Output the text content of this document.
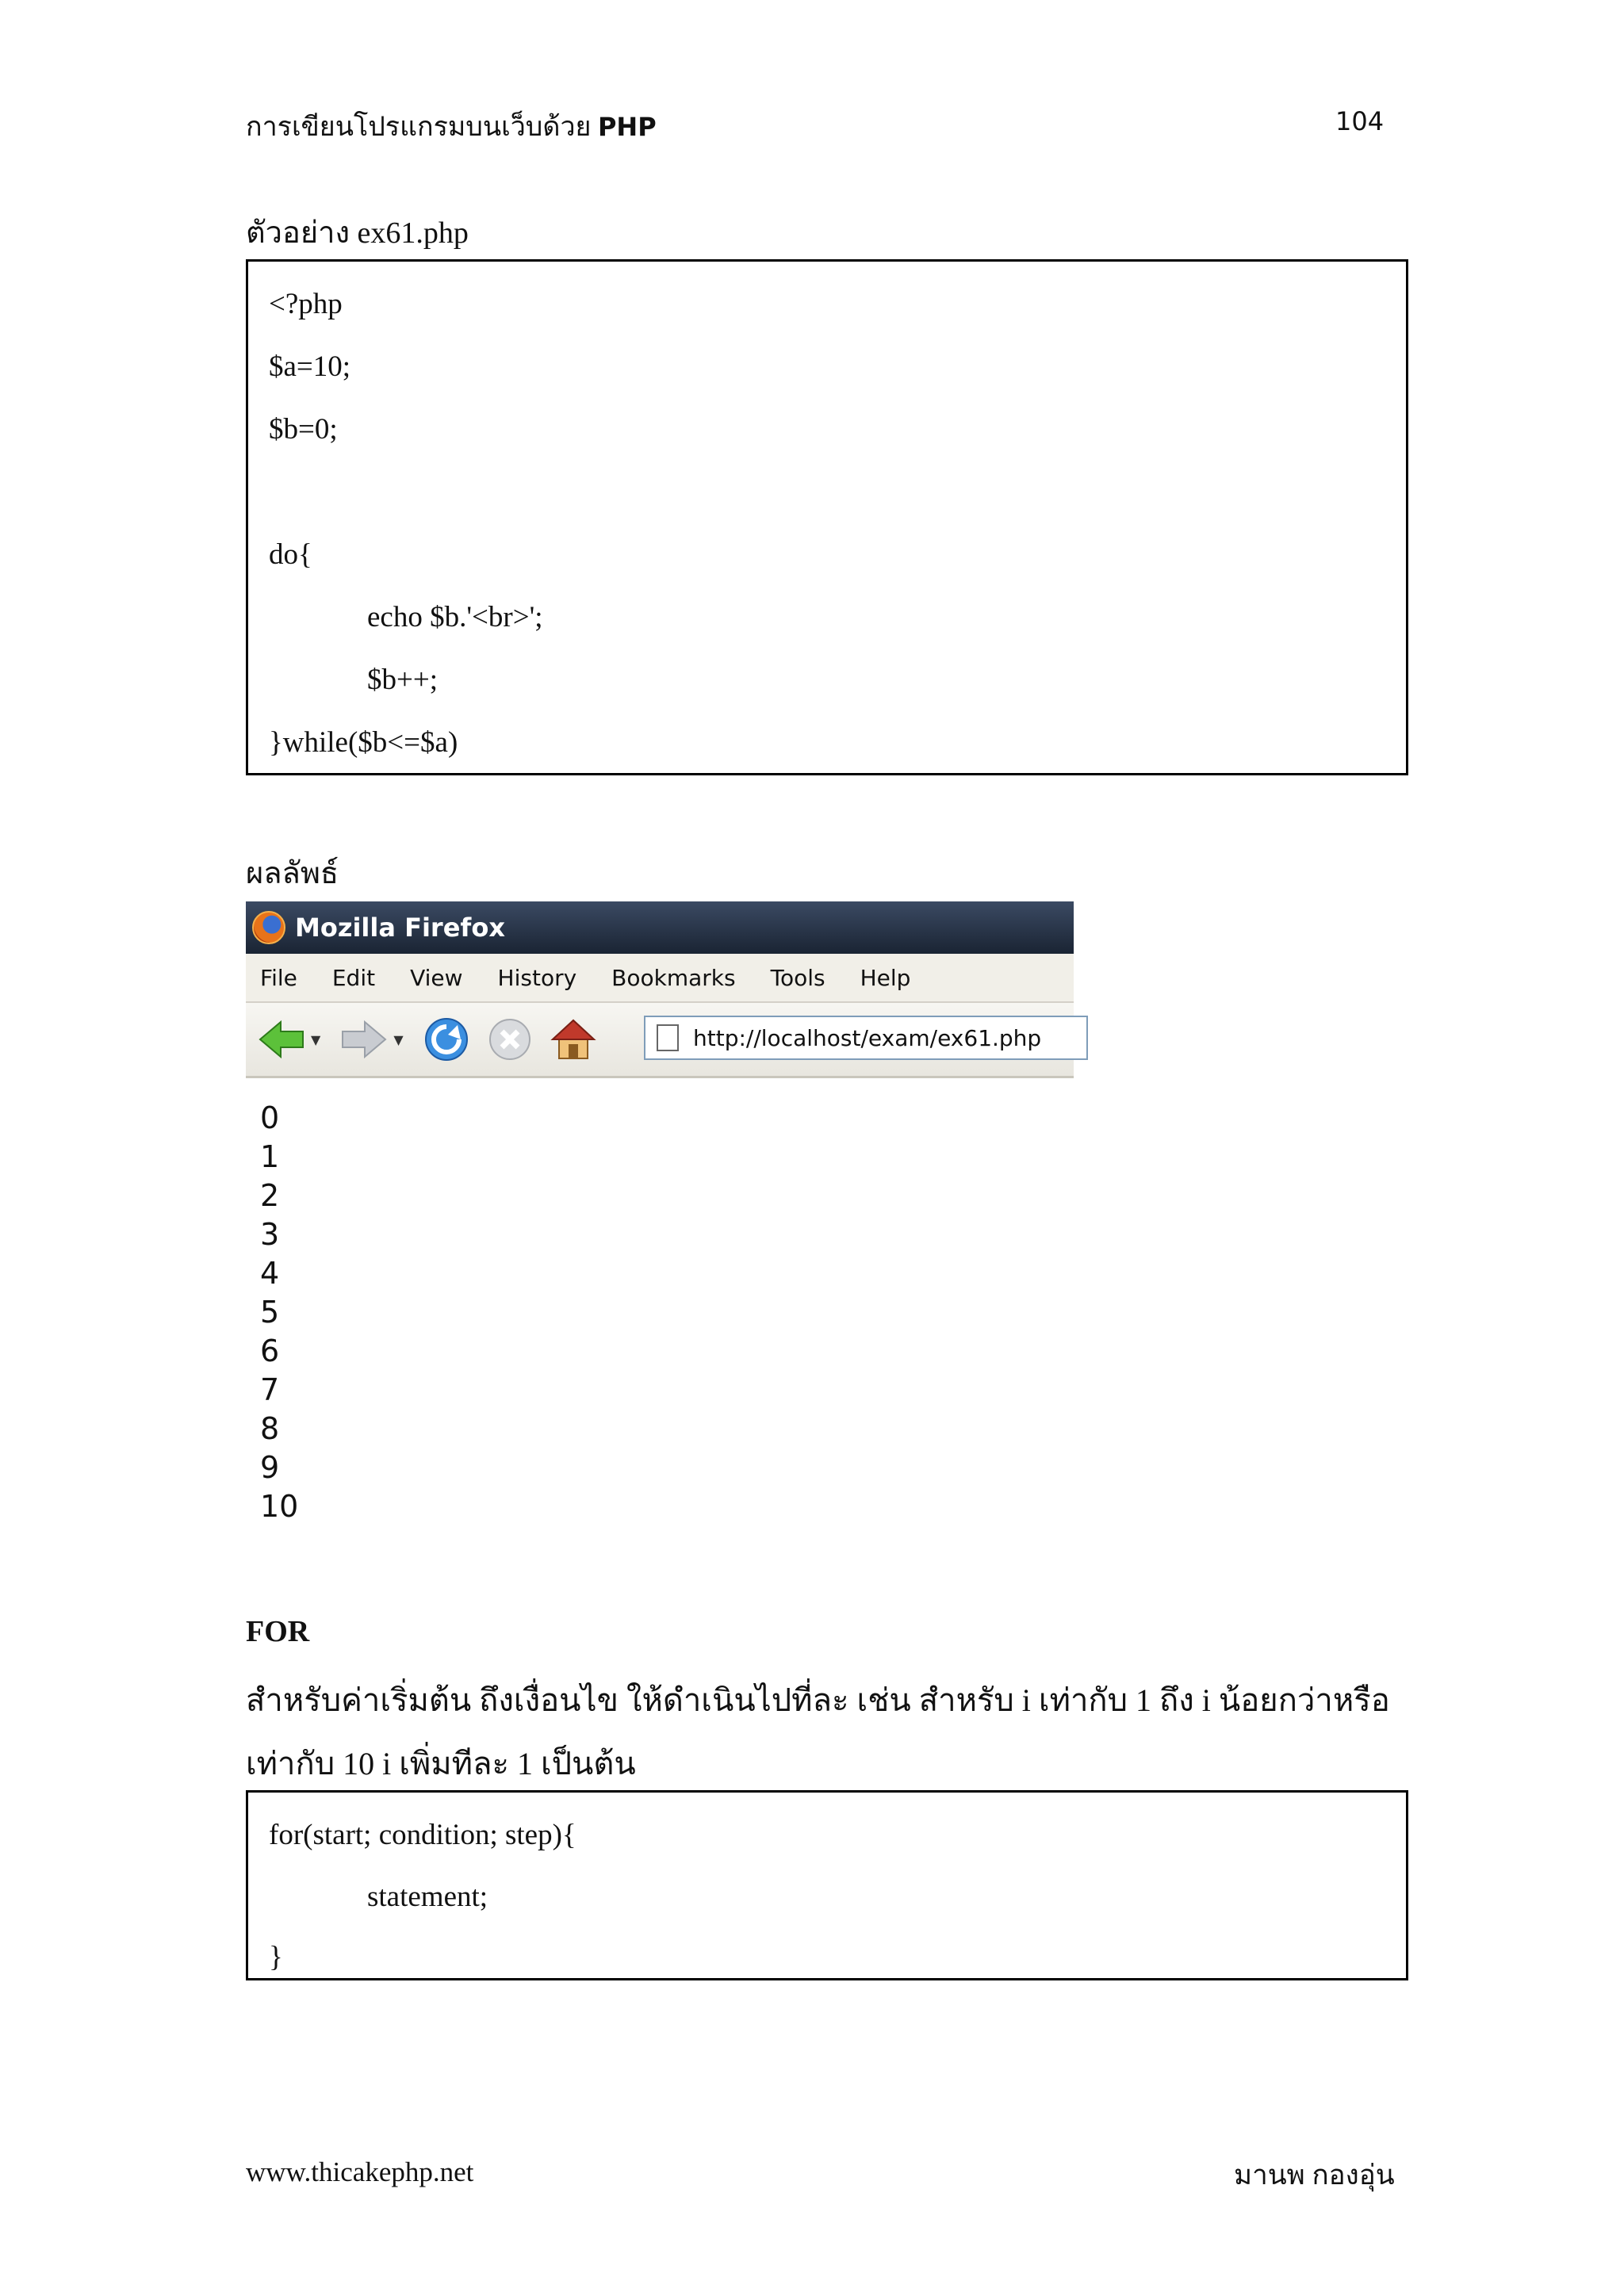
การเขียนโปรแกรมบนเว็บด้วย PHP	104
ตัวอย่าง ex61.php
<?php
$a=10;
$b=0;
do{
echo $b.'<br>';
$b++;
}while($b<=$a)
ผลลัพธ์
Mozilla Firefox
File Edit View History Bookmarks Tools Help
▼	▼	http://localhost/exam/ex61.php
0
1
2
3
4
5
6
7
8
9
10
FOR
สำหรับค่าเริ่มต้น ถึงเงื่อนไข ให้ดำเนินไปที่ละ เช่น สำหรับ i เท่ากับ 1 ถึง i น้อยกว่าหรือ
เท่ากับ 10 i เพิ่มทีละ 1 เป็นต้น
for(start; condition; step){
statement;
}
www.thicakephp.net	มานพ กองอุ่น
